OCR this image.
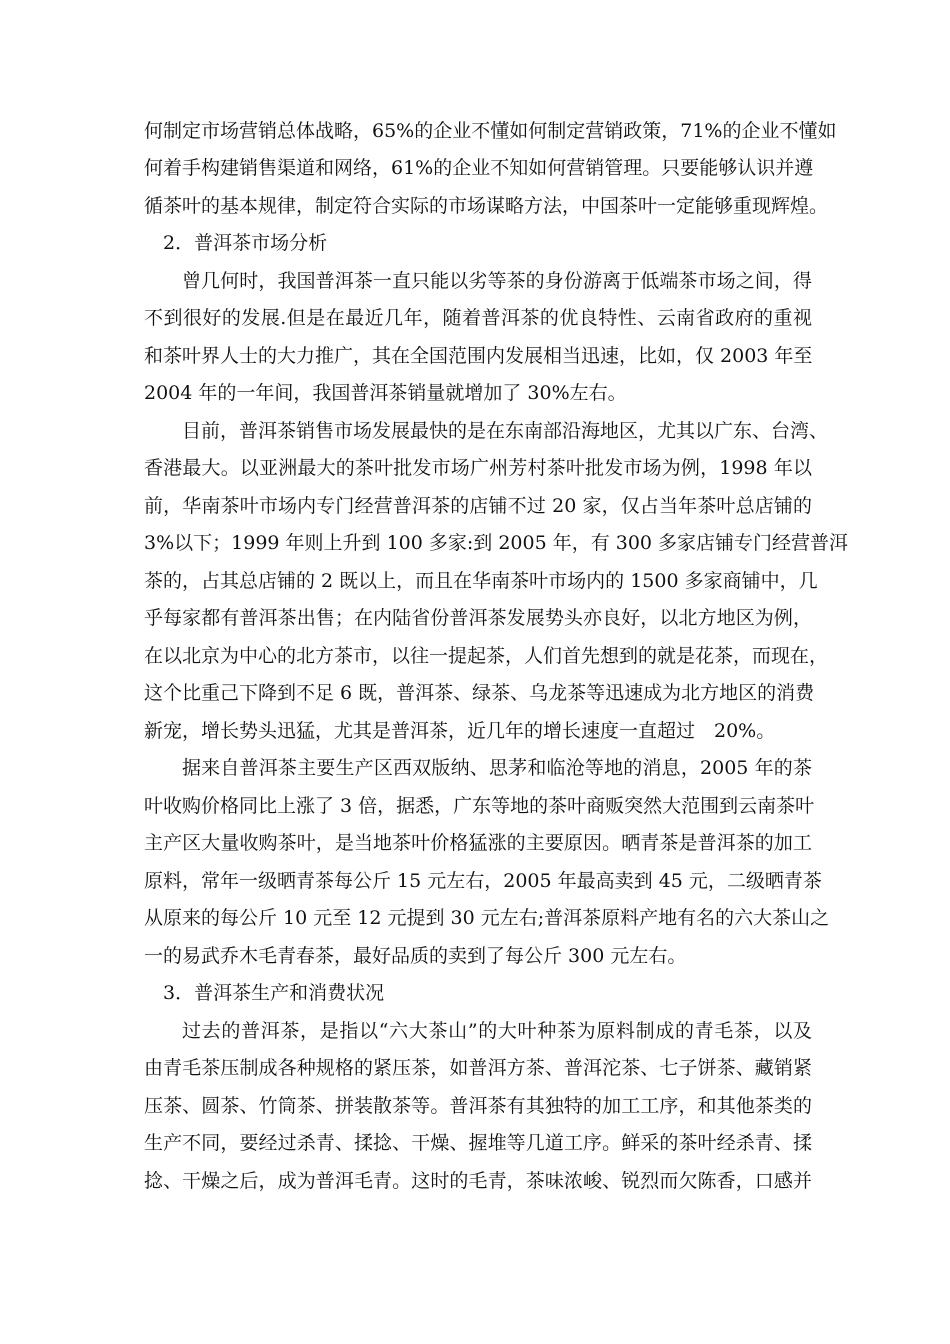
何制定市场营销总体战略，65%的企业不懂如何制定营销政策，71%的企业不懂如
何着手构建销售渠道和网络，61%的企业不知如何营销管理。只要能够认识并遵
循茶叶的基本规律，制定符合实际的市场谋略方法，中国茶叶一定能够重现辉煌。
2．普洱茶市场分析
曾几何时，我国普洱茶一直只能以劣等茶的身份游离于低端茶市场之间，得
不到很好的发展.但是在最近几年，随着普洱茶的优良特性、云南省政府的重视
和茶叶界人士的大力推广，其在全国范围内发展相当迅速，比如，仅 2003 年至
2004 年的一年间，我国普洱茶销量就增加了 30%左右。
目前，普洱茶销售市场发展最快的是在东南部沿海地区，尤其以广东、台湾、
香港最大。以亚洲最大的茶叶批发市场广州芳村茶叶批发市场为例，1998 年以
前，华南茶叶市场内专门经营普洱茶的店铺不过 20 家，仅占当年茶叶总店铺的
3%以下；1999 年则上升到 100 多家:到 2005 年，有 300 多家店铺专门经营普洱
茶的，占其总店铺的 2 既以上，而且在华南茶叶市场内的 1500 多家商铺中，几
乎每家都有普洱茶出售；在内陆省份普洱茶发展势头亦良好，以北方地区为例，
在以北京为中心的北方茶市，以往一提起茶，人们首先想到的就是花茶，而现在，
这个比重己下降到不足 6 既，普洱茶、绿茶、乌龙茶等迅速成为北方地区的消费
新宠，增长势头迅猛，尤其是普洱茶，近几年的增长速度一直超过　20%。
据来自普洱茶主要生产区西双版纳、思茅和临沧等地的消息，2005 年的茶
叶收购价格同比上涨了 3 倍，据悉，广东等地的茶叶商贩突然大范围到云南茶叶
主产区大量收购茶叶，是当地茶叶价格猛涨的主要原因。晒青茶是普洱茶的加工
原料，常年一级晒青茶每公斤 15 元左右，2005 年最高卖到 45 元，二级晒青茶
从原来的每公斤 10 元至 12 元提到 30 元左右;普洱茶原料产地有名的六大茶山之
一的易武乔木毛青春茶，最好品质的卖到了每公斤 300 元左右。
3．普洱茶生产和消费状况
过去的普洱茶，是指以“六大茶山”的大叶种茶为原料制成的青毛茶，以及
由青毛茶压制成各种规格的紧压茶，如普洱方茶、普洱沱茶、七子饼茶、藏销紧
压茶、圆茶、竹筒茶、拼装散茶等。普洱茶有其独特的加工工序，和其他茶类的
生产不同，要经过杀青、揉捻、干燥、握堆等几道工序。鲜采的茶叶经杀青、揉
捻、干燥之后，成为普洱毛青。这时的毛青，茶味浓峻、锐烈而欠陈香，口感并
